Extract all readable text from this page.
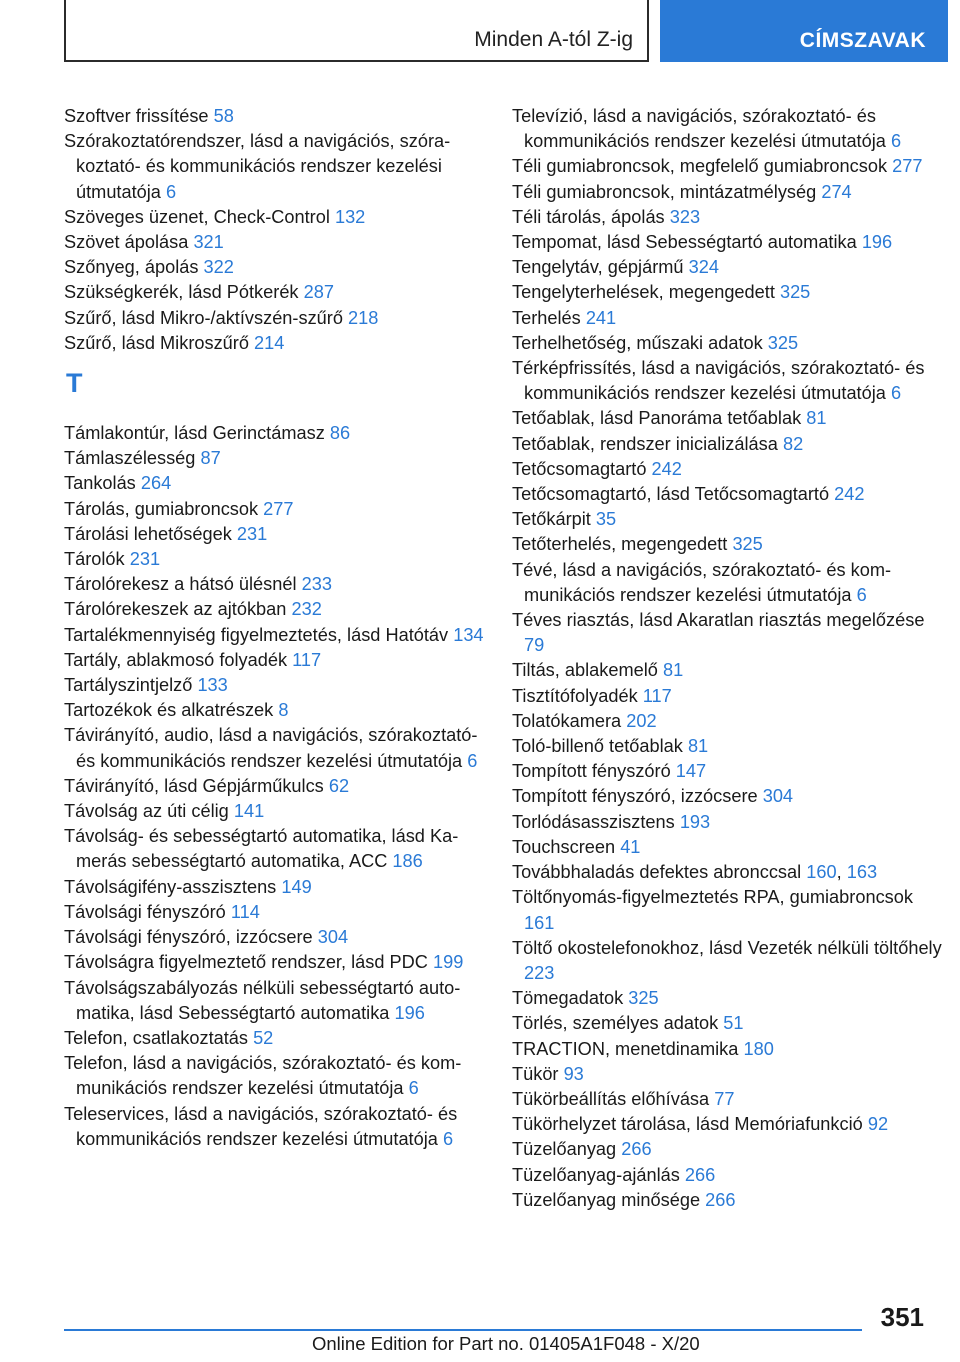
Minden A-tól Z-ig	CÍMSZAVAK

Szoftver frissítése 58

Szórakoztatórendszer, lásd a navigációs, szórakoztató- és kommunikációs rendszer kezelési útmutatója 6

Szöveges üzenet, Check-Control 132

Szövet ápolása 321

Szőnyeg, ápolás 322

Szükségkerék, lásd Pótkerék 287

Szűrő, lásd Mikro-/aktívszén-szűrő 218

Szűrő, lásd Mikroszűrő 214

T

Támlakontúr, lásd Gerinctámasz 86

Támlaszélesség 87

Tankolás 264

Tárolás, gumiabroncsok 277

Tárolási lehetőségek 231

Tárolók 231

Tárolórekesz a hátsó ülésnél 233

Tárolórekeszek az ajtókban 232

Tartalékmennyiség figyelmeztetés, lásd Hatótáv 134

Tartály, ablakmosó folyadék 117

Tartályszintjelző 133

Tartozékok és alkatrészek 8

Távirányító, audio, lásd a navigációs, szórakoztató- és kommunikációs rendszer kezelési útmutatója 6

Távirányító, lásd Gépjárműkulcs 62

Távolság az úti célig 141

Távolság- és sebességtartó automatika, lásd Kamerás sebességtartó automatika, ACC 186

Távolságifény-asszisztens 149

Távolsági fényszóró 114

Távolsági fényszóró, izzócsere 304

Távolságra figyelmeztető rendszer, lásd PDC 199

Távolságszabályozás nélküli sebességtartó automatika, lásd Sebességtartó automatika 196

Telefon, csatlakoztatás 52

Telefon, lásd a navigációs, szórakoztató- és kommunikációs rendszer kezelési útmutatója 6

Teleservices, lásd a navigációs, szórakoztató- és kommunikációs rendszer kezelési útmutatója 6

Televízió, lásd a navigációs, szórakoztató- és kommunikációs rendszer kezelési útmutatója 6

Téli gumiabroncsok, megfelelő gumiabroncsok 277

Téli gumiabroncsok, mintázatmélység 274

Téli tárolás, ápolás 323

Tempomat, lásd Sebességtartó automatika 196

Tengelytáv, gépjármű 324

Tengelyterhelések, megengedett 325

Terhelés 241

Terhelhetőség, műszaki adatok 325

Térképfrissítés, lásd a navigációs, szórakoztató- és kommunikációs rendszer kezelési útmutatója 6

Tetőablak, lásd Panoráma tetőablak 81

Tetőablak, rendszer inicializálása 82

Tetőcsomagtartó 242

Tetőcsomagtartó, lásd Tetőcsomagtartó 242

Tetőkárpit 35

Tetőterhelés, megengedett 325

Tévé, lásd a navigációs, szórakoztató- és kommunikációs rendszer kezelési útmutatója 6

Téves riasztás, lásd Akaratlan riasztás megelőzése 79

Tiltás, ablakemelő 81

Tisztítófolyadék 117

Tolatókamera 202

Toló-billenő tetőablak 81

Tompított fényszóró 147

Tompított fényszóró, izzócsere 304

Torlódásasszisztens 193

Touchscreen 41

Továbbhaladás defektes abronccsal 160, 163

Töltőnyomás-figyelmeztetés RPA, gumiabroncsok 161

Töltő okostelefonokhoz, lásd Vezeték nélküli töltőhely 223

Tömegadatok 325

Törlés, személyes adatok 51

TRACTION, menetdinamika 180

Tükör 93

Tükörbeállítás előhívása 77

Tükörhelyzet tárolása, lásd Memóriafunkció 92

Tüzelőanyag 266

Tüzelőanyag-ajánlás 266

Tüzelőanyag minősége 266

351
Online Edition for Part no. 01405A1F048 - X/20
